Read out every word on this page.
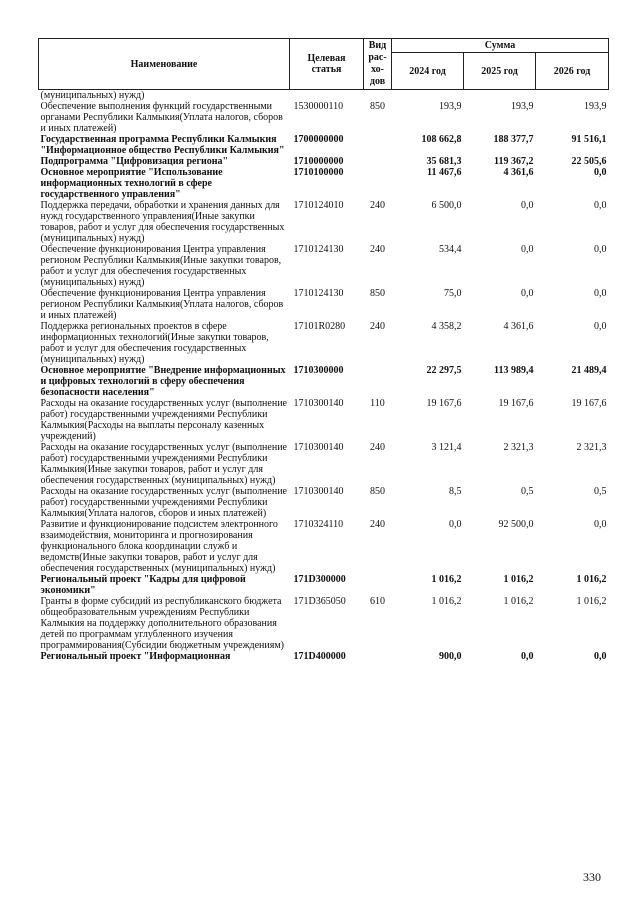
Наименование	Целевая статья	Вид рас- хо- дов	Сумма		
			2024 год	2025 год	2026 год
(муниципальных) нужд)					
Обеспечение выполнения функций государственными органами Республики Калмыкия(Уплата налогов, сборов и иных платежей)	1530000110	850	193,9	193,9	193,9
Государственная программа Республики Калмыкия "Информационное общество Республики Калмыкия"	1700000000		108 662,8	188 377,7	91 516,1
Подпрограмма "Цифровизация региона"	1710000000		35 681,3	119 367,2	22 505,6
Основное мероприятие "Использование информационных технологий в сфере государственного управления"	1710100000		11 467,6	4 361,6	0,0
Поддержка передачи, обработки и хранения данных для нужд государственного управления(Иные закупки товаров, работ и услуг для обеспечения государственных (муниципальных) нужд)	1710124010	240	6 500,0	0,0	0,0
Обеспечение функционирования Центра управления регионом Республики Калмыкия(Иные закупки товаров, работ и услуг для обеспечения государственных (муниципальных) нужд)	1710124130	240	534,4	0,0	0,0
Обеспечение функционирования Центра управления регионом Республики Калмыкия(Уплата налогов, сборов и иных платежей)	1710124130	850	75,0	0,0	0,0
Поддержка региональных проектов в сфере информационных технологий(Иные закупки товаров, работ и услуг для обеспечения государственных (муниципальных) нужд)	17101R0280	240	4 358,2	4 361,6	0,0
Основное мероприятие "Внедрение информационных и цифровых технологий в сферу обеспечения безопасности населения"	1710300000		22 297,5	113 989,4	21 489,4
Расходы на оказание государственных услуг (выполнение работ) государственными учреждениями Республики Калмыкия(Расходы на выплаты персоналу казенных учреждений)	1710300140	110	19 167,6	19 167,6	19 167,6
Расходы на оказание государственных услуг (выполнение работ) государственными учреждениями Республики Калмыкия(Иные закупки товаров, работ и услуг для обеспечения государственных (муниципальных) нужд)	1710300140	240	3 121,4	2 321,3	2 321,3
Расходы на оказание государственных услуг (выполнение работ) государственными учреждениями Республики Калмыкия(Уплата налогов, сборов и иных платежей)	1710300140	850	8,5	0,5	0,5
Развитие и функционирование подсистем электронного взаимодействия, мониторинга и прогнозирования функционального блока координации служб и ведомств(Иные закупки товаров, работ и услуг для обеспечения государственных (муниципальных) нужд)	1710324110	240	0,0	92 500,0	0,0
Региональный проект "Кадры для цифровой экономики"	171D300000		1 016,2	1 016,2	1 016,2
Гранты в форме субсидий из республиканского бюджета общеобразовательным учреждениям Республики Калмыкия на поддержку дополнительного образования детей по программам углубленного изучения программирования(Субсидии бюджетным учреждениям)	171D365050	610	1 016,2	1 016,2	1 016,2
Региональный проект "Информационная	171D400000		900,0	0,0	0,0
330
